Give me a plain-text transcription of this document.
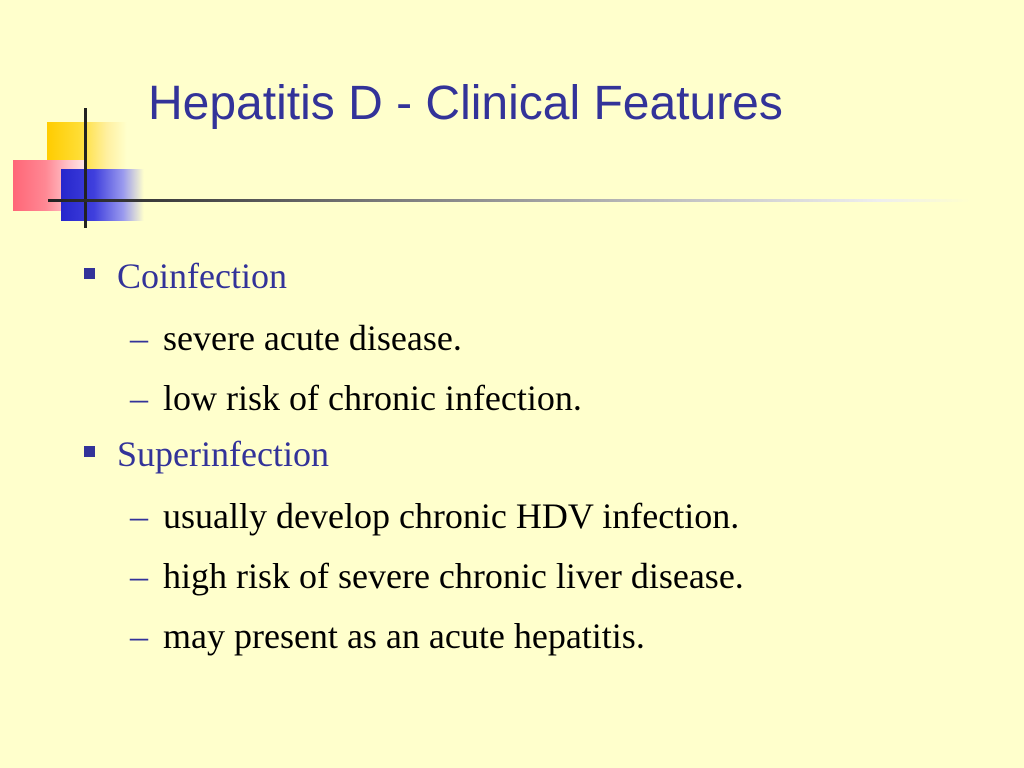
Hepatitis D - Clinical Features
Coinfection
– severe acute disease.
– low risk of chronic infection.
Superinfection
– usually develop chronic HDV infection.
– high risk of severe chronic liver disease.
– may present as an acute hepatitis.
